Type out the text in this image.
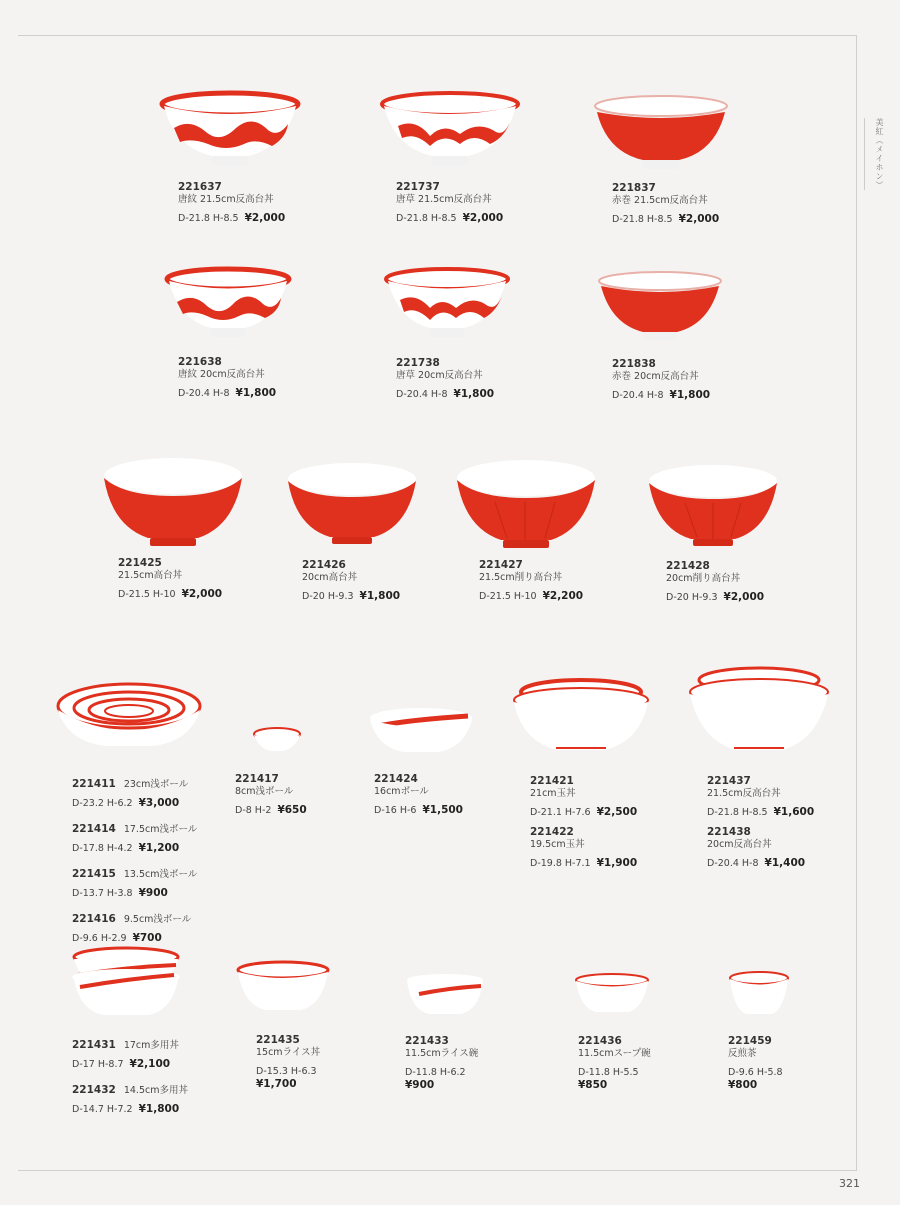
美紅（メイホン）
221637
唐紋 21.5cm反高台丼
D-21.8 H-8.5 ¥2,000
221737
唐草 21.5cm反高台丼
D-21.8 H-8.5 ¥2,000
221837
赤巻 21.5cm反高台丼
D-21.8 H-8.5 ¥2,000
221638
唐紋 20cm反高台丼
D-20.4 H-8 ¥1,800
221738
唐草 20cm反高台丼
D-20.4 H-8 ¥1,800
221838
赤巻 20cm反高台丼
D-20.4 H-8 ¥1,800
221425
21.5cm高台丼
D-21.5 H-10 ¥2,000
221426
20cm高台丼
D-20 H-9.3 ¥1,800
221427
21.5cm削り高台丼
D-21.5 H-10 ¥2,200
221428
20cm削り高台丼
D-20 H-9.3 ¥2,000
221411 23cm浅ボール
D-23.2 H-6.2 ¥3,000
221414 17.5cm浅ボール
D-17.8 H-4.2 ¥1,200
221415 13.5cm浅ボール
D-13.7 H-3.8 ¥900
221416 9.5cm浅ボール
D-9.6 H-2.9 ¥700
221417
8cm浅ボール
D-8 H-2 ¥650
221424
16cmボール
D-16 H-6 ¥1,500
221421
21cm玉丼
D-21.1 H-7.6 ¥2,500
221422
19.5cm玉丼
D-19.8 H-7.1 ¥1,900
221437
21.5cm反高台丼
D-21.8 H-8.5 ¥1,600
221438
20cm反高台丼
D-20.4 H-8 ¥1,400
221431 17cm多用丼
D-17 H-8.7 ¥2,100
221432 14.5cm多用丼
D-14.7 H-7.2 ¥1,800
221435
15cmライス丼
D-15.3 H-6.3
¥1,700
221433
11.5cmライス碗
D-11.8 H-6.2
¥900
221436
11.5cmスープ碗
D-11.8 H-5.5
¥850
221459
反煎茶
D-9.6 H-5.8
¥800
321
